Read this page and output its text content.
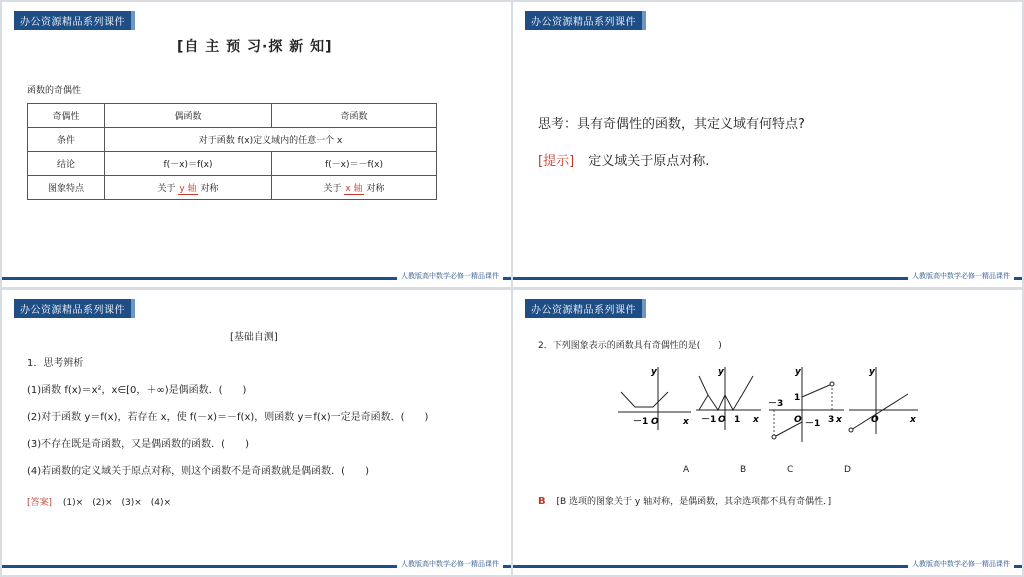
办公资源精品系列课件
[自 主 预 习·探 新 知]
函数的奇偶性
奇偶性	偶函数	奇函数
条件	对于函数 f(x)定义域内的任意一个 x	
结论	f(－x)＝f(x)	f(－x)＝－f(x)
图象特点	关于 y 轴 对称	关于 x 轴 对称
人教版高中数学必修一精品课件
办公资源精品系列课件
思考：具有奇偶性的函数，其定义域有何特点?
[提示] 定义域关于原点对称.
人教版高中数学必修一精品课件
办公资源精品系列课件
[基础自测]
1．思考辨析
(1)函数 f(x)＝x²，x∈[0，＋∞)是偶函数．(　　)
(2)对于函数 y＝f(x)，若存在 x，使 f(－x)＝－f(x)，则函数 y＝f(x)一定是奇函数．(　　)
(3)不存在既是奇函数，又是偶函数的函数．(　　)
(4)若函数的定义域关于原点对称，则这个函数不是奇函数就是偶函数．(　　)
[答案] (1)×　(2)×　(3)×　(4)×
人教版高中数学必修一精品课件
办公资源精品系列课件
2．下列图象表示的函数具有奇偶性的是(　　)
y
x
－1 O
y
x
－1 O 1
y
x
－3
1
O －1 3
y
x
O
A	B	C	D
B [B 选项的图象关于 y 轴对称，是偶函数，其余选项都不具有奇偶性．]
人教版高中数学必修一精品课件
